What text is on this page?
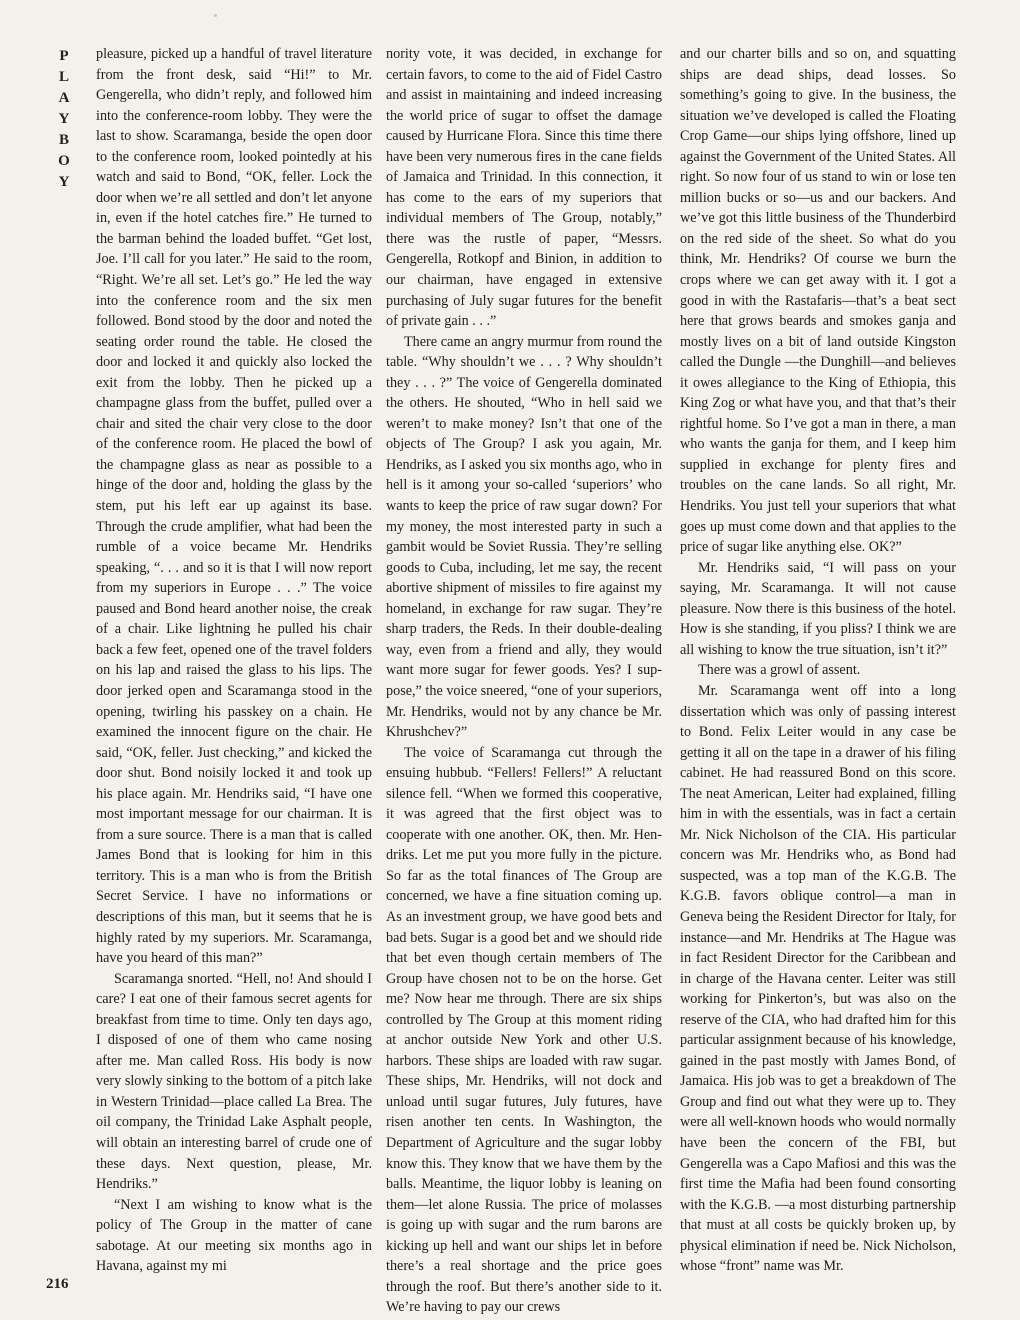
P
L
A
Y
B
O
Y

pleasure, picked up a handful of travel literature from the front desk, said “Hi!” to Mr. Gengerella, who didn’t reply, and followed him into the conference-room lobby. They were the last to show. Scaramanga, beside the open door to the conference room, looked pointedly at his watch and said to Bond, “OK, feller. Lock the door when we’re all settled and don’t let anyone in, even if the hotel catches fire.” He turned to the barman behind the loaded buffet. “Get lost, Joe. I’ll call for you later.” He said to the room, “Right. We’re all set. Let’s go.” He led the way into the conference room and the six men followed. Bond stood by the door and noted the seating order round the table. He closed the door and locked it and quickly also locked the exit from the lobby. Then he picked up a champagne glass from the buffet, pulled over a chair and sited the chair very close to the door of the conference room. He placed the bowl of the champagne glass as near as possible to a hinge of the door and, holding the glass by the stem, put his left ear up against its base. Through the crude amplifier, what had been the rumble of a voice became Mr. Hendriks speaking, “. . . and so it is that I will now report from my superiors in Europe . . .” The voice paused and Bond heard another noise, the creak of a chair. Like lightning he pulled his chair back a few feet, opened one of the travel folders on his lap and raised the glass to his lips. The door jerked open and Scaramanga stood in the opening, twirling his passkey on a chain. He examined the innocent figure on the chair. He said, “OK, feller. Just checking,” and kicked the door shut. Bond noisily locked it and took up his place again. Mr. Hendriks said, “I have one most important message for our chairman. It is from a sure source. There is a man that is called James Bond that is looking for him in this territory. This is a man who is from the British Secret Service. I have no informations or descriptions of this man, but it seems that he is highly rated by my superiors. Mr. Scaramanga, have you heard of this man?”

Scaramanga snorted. “Hell, no! And should I care? I eat one of their famous secret agents for breakfast from time to time. Only ten days ago, I disposed of one of them who came nosing after me. Man called Ross. His body is now very slowly sinking to the bottom of a pitch lake in Western Trinidad—place called La Brea. The oil company, the Trinidad Lake Asphalt people, will obtain an interesting barrel of crude one of these days. Next question, please, Mr. Hendriks.”

“Next I am wishing to know what is the policy of The Group in the matter of cane sabotage. At our meeting six months ago in Havana, against my mi

nority vote, it was decided, in exchange for certain favors, to come to the aid of Fidel Castro and assist in maintaining and indeed increasing the world price of sugar to offset the damage caused by Hurricane Flora. Since this time there have been very numerous fires in the cane fields of Jamaica and Trinidad. In this connection, it has come to the ears of my superiors that individual members of The Group, notably,” there was the rustle of paper, “Messrs. Gengerella, Rotkopf and Binion, in addition to our chairman, have engaged in extensive purchasing of July sugar futures for the benefit of private gain . . .”

There came an angry murmur from round the table. “Why shouldn’t we . . . ? Why shouldn’t they . . . ?” The voice of Gengerella dominated the others. He shouted, “Who in hell said we weren’t to make money? Isn’t that one of the objects of The Group? I ask you again, Mr. Hendriks, as I asked you six months ago, who in hell is it among your so-called ‘superiors’ who wants to keep the price of raw sugar down? For my money, the most interested party in such a gambit would be Soviet Russia. They’re selling goods to Cuba, including, let me say, the recent abortive shipment of missiles to fire against my homeland, in exchange for raw sugar. They’re sharp traders, the Reds. In their double-dealing way, even from a friend and ally, they would want more sugar for fewer goods. Yes? I suppose,” the voice sneered, “one of your superiors, Mr. Hendriks, would not by any chance be Mr. Khrushchev?”

The voice of Scaramanga cut through the ensuing hubbub. “Fellers! Fellers!” A reluctant silence fell. “When we formed this cooperative, it was agreed that the first object was to cooperate with one another. OK, then. Mr. Hendriks. Let me put you more fully in the picture. So far as the total finances of The Group are concerned, we have a fine situation coming up. As an investment group, we have good bets and bad bets. Sugar is a good bet and we should ride that bet even though certain members of The Group have chosen not to be on the horse. Get me? Now hear me through. There are six ships controlled by The Group at this moment riding at anchor outside New York and other U.S. harbors. These ships are loaded with raw sugar. These ships, Mr. Hendriks, will not dock and unload until sugar futures, July futures, have risen another ten cents. In Washington, the Department of Agriculture and the sugar lobby know this. They know that we have them by the balls. Meantime, the liquor lobby is leaning on them—let alone Russia. The price of molasses is going up with sugar and the rum barons are kicking up hell and want our ships let in before there’s a real shortage and the price goes through the roof. But there’s another side to it. We’re having to pay our crews

and our charter bills and so on, and squatting ships are dead ships, dead losses. So something’s going to give. In the business, the situation we’ve developed is called the Floating Crop Game—our ships lying offshore, lined up against the Government of the United States. All right. So now four of us stand to win or lose ten million bucks or so—us and our backers. And we’ve got this little business of the Thunderbird on the red side of the sheet. So what do you think, Mr. Hendriks? Of course we burn the crops where we can get away with it. I got a good in with the Rastafaris—that’s a beat sect here that grows beards and smokes ganja and mostly lives on a bit of land outside Kingston called the Dungle —the Dunghill—and believes it owes allegiance to the King of Ethiopia, this King Zog or what have you, and that that’s their rightful home. So I’ve got a man in there, a man who wants the ganja for them, and I keep him supplied in exchange for plenty fires and troubles on the cane lands. So all right, Mr. Hendriks. You just tell your superiors that what goes up must come down and that applies to the price of sugar like anything else. OK?”

Mr. Hendriks said, “I will pass on your saying, Mr. Scaramanga. It will not cause pleasure. Now there is this business of the hotel. How is she standing, if you pliss? I think we are all wishing to know the true situation, isn’t it?”

There was a growl of assent.

Mr. Scaramanga went off into a long dissertation which was only of passing interest to Bond. Felix Leiter would in any case be getting it all on the tape in a drawer of his filing cabinet. He had reassured Bond on this score. The neat American, Leiter had explained, filling him in with the essentials, was in fact a certain Mr. Nick Nicholson of the CIA. His particular concern was Mr. Hendriks who, as Bond had suspected, was a top man of the K.G.B. The K.G.B. favors oblique control—a man in Geneva being the Resident Director for Italy, for instance—and Mr. Hendriks at The Hague was in fact Resident Director for the Caribbean and in charge of the Havana center. Leiter was still working for Pinkerton’s, but was also on the reserve of the CIA, who had drafted him for this particular assignment because of his knowledge, gained in the past mostly with James Bond, of Jamaica. His job was to get a breakdown of The Group and find out what they were up to. They were all well-known hoods who would normally have been the concern of the FBI, but Gengerella was a Capo Mafiosi and this was the first time the Mafia had been found consorting with the K.G.B. —a most disturbing partnership that must at all costs be quickly broken up, by physical elimination if need be. Nick Nicholson, whose “front” name was Mr.

216
